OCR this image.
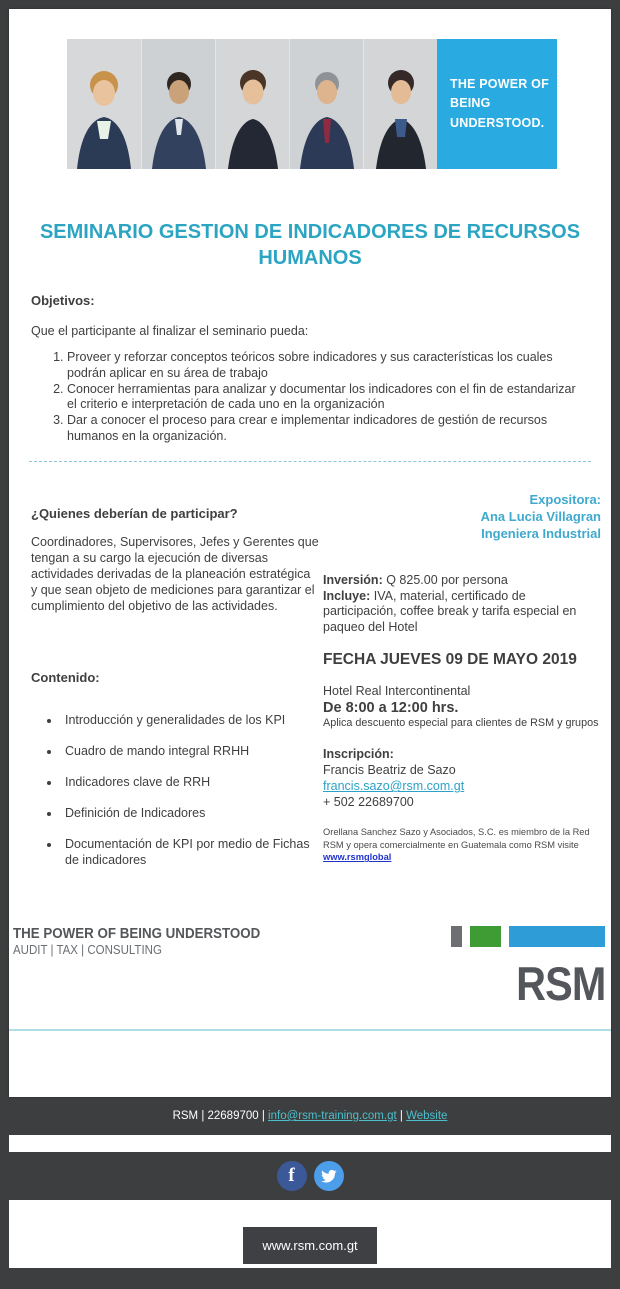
THE POWER OF
BEING UNDERSTOOD.
SEMINARIO GESTION DE INDICADORES DE RECURSOS HUMANOS
Objetivos:

Que el participante al finalizar el seminario pueda:

1. Proveer y reforzar conceptos teóricos sobre indicadores y sus características los cuales podrán aplicar en su área de trabajo
2. Conocer herramientas para analizar y documentar los indicadores con el fin de estandarizar el criterio e interpretación de cada uno en la organización
3. Dar a conocer el proceso para crear e implementar indicadores de gestión de recursos humanos en la organización.
¿Quienes deberían de participar?

Coordinadores, Supervisores, Jefes y Gerentes que tengan a su cargo la ejecución de diversas actividades derivadas de la planeación estratégica y que sean objeto de mediciones para garantizar el cumplimiento del objetivo de las actividades.

Contenido:
• Introducción y generalidades de los KPI
• Cuadro de mando integral RRHH
• Indicadores clave de RRH
• Definición de Indicadores
• Documentación de KPI por medio de Fichas de indicadores
Expositora:
Ana Lucia Villagran
Ingeniera Industrial

Inversión: Q 825.00 por persona
Incluye: IVA, material, certificado de participación, coffee break y tarifa especial en paqueo del Hotel

FECHA JUEVES 09 DE MAYO 2019
Hotel Real Intercontinental
De 8:00 a 12:00 hrs.
Aplica descuento especial para clientes de RSM y grupos
Inscripción:
Francis Beatriz de Sazo
francis.sazo@rsm.com.gt
+ 502 22689700

Orellana Sanchez Sazo y Asociados, S.C. es miembro de la Red RSM y opera comercialmente en Guatemala como RSM visite www.rsmglobal

THE POWER OF BEING UNDERSTOOD
AUDIT | TAX | CONSULTING
RSM
RSM | 22689700 | info@rsm-training.com.gt | Website
f
www.rsm.com.gt
